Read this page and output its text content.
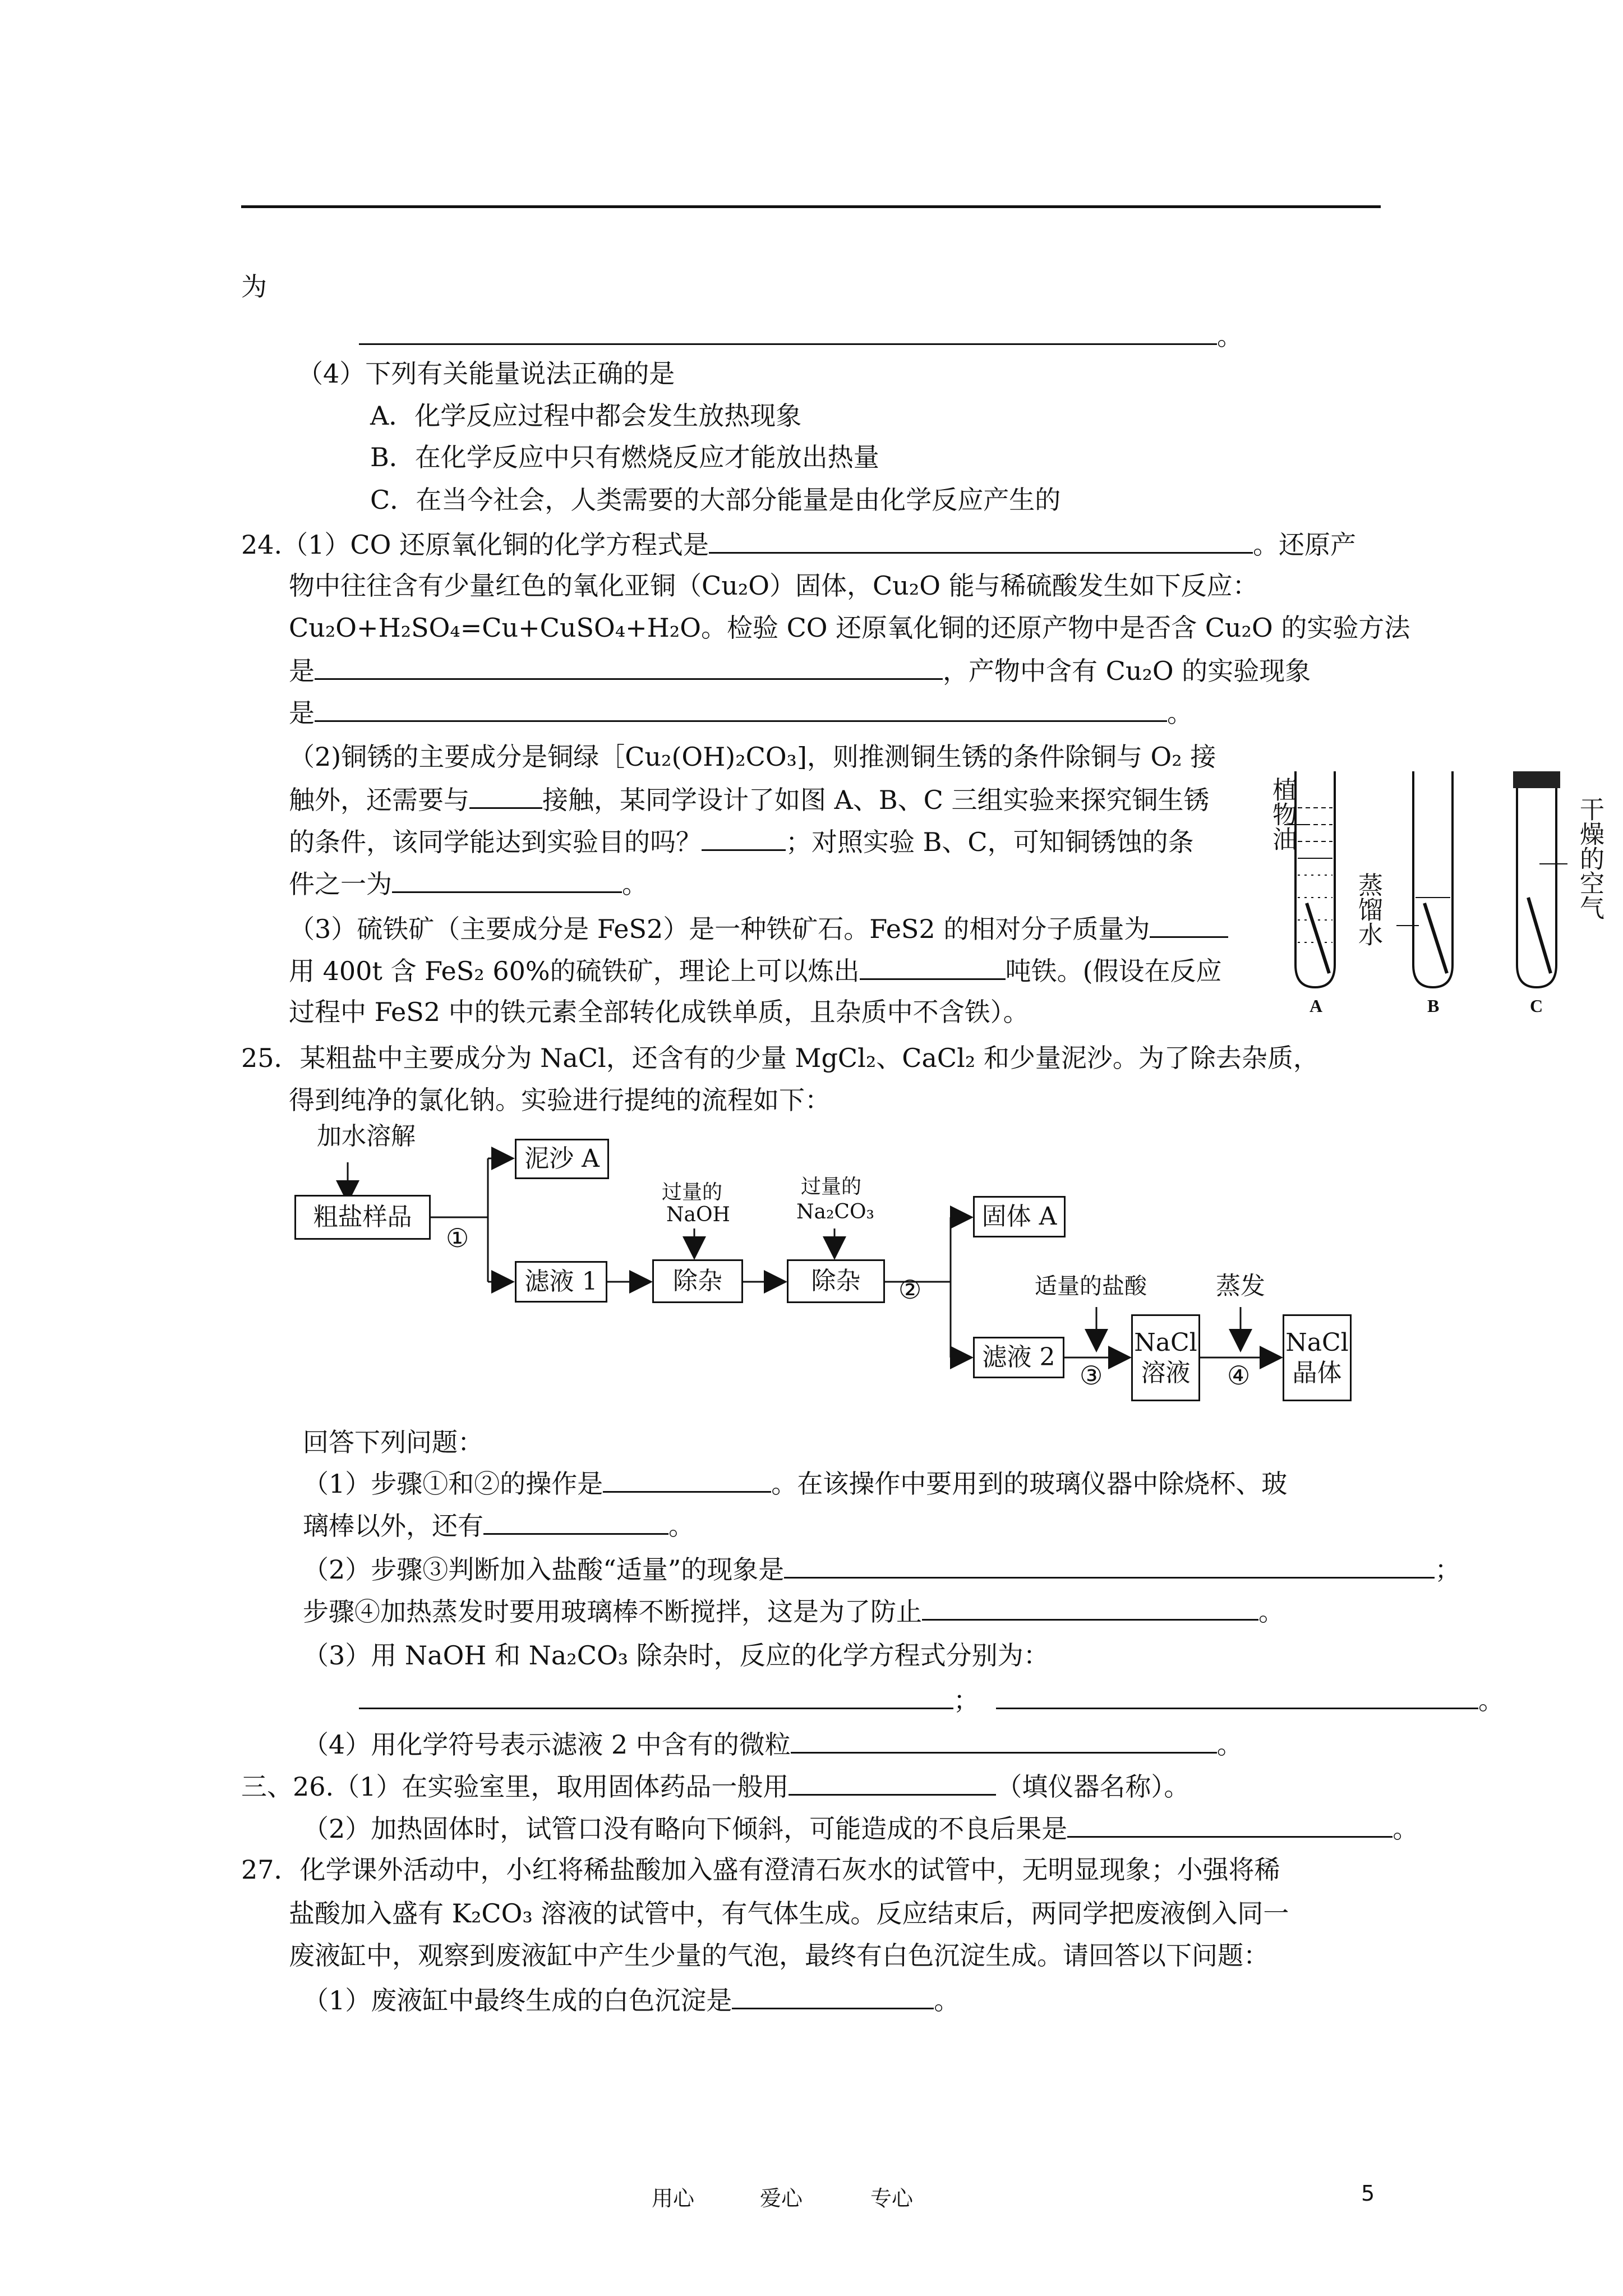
为
。
（4）下列有关能量说法正确的是
A．化学反应过程中都会发生放热现象
B．在化学反应中只有燃烧反应才能放出热量
C．在当今社会，人类需要的大部分能量是由化学反应产生的
24.（1）CO 还原氧化铜的化学方程式是	。还原产
物中往往含有少量红色的氧化亚铜（Cu₂O）固体，Cu₂O 能与稀硫酸发生如下反应：
Cu₂O+H₂SO₄=Cu+CuSO₄+H₂O。检验 CO 还原氧化铜的还原产物中是否含 Cu₂O 的实验方法
是	，产物中含有 Cu₂O 的实验现象
是	。
（2)铜锈的主要成分是铜绿［Cu₂(OH)₂CO₃]，则推测铜生锈的条件除铜与 O₂ 接
触外，还需要与	接触，某同学设计了如图 A、B、C 三组实验来探究铜生锈
的条件，该同学能达到实验目的吗？	；对照实验 B、C，可知铜锈蚀的条
件之一为	。
（3）硫铁矿（主要成分是 FeS2）是一种铁矿石。FeS2 的相对分子质量为
用 400t 含 FeS₂ 60%的硫铁矿，理论上可以炼出	吨铁。(假设在反应
过程中 FeS2 中的铁元素全部转化成铁单质，且杂质中不含铁）。
植物油
蒸馏水	干燥的空气
A	B	C
25．某粗盐中主要成分为 NaCl，还含有的少量 MgCl₂、CaCl₂ 和少量泥沙。为了除去杂质，
得到纯净的氯化钠。实验进行提纯的流程如下：
加水溶解
粗盐样品
①
泥沙 A
滤液 1
过量的
NaOH
除杂
过量的
Na₂CO₃
除杂 ②
固体 A
滤液 2
适量的盐酸
③
NaCl
溶液
蒸发
④
NaCl
晶体
回答下列问题：
（1）步骤①和②的操作是	。在该操作中要用到的玻璃仪器中除烧杯、玻
璃棒以外，还有	。
（2）步骤③判断加入盐酸“适量”的现象是	；
步骤④加热蒸发时要用玻璃棒不断搅拌，这是为了防止	。
（3）用 NaOH 和 Na₂CO₃ 除杂时，反应的化学方程式分别为：
；	。
（4）用化学符号表示滤液 2 中含有的微粒	。
三、26.（1）在实验室里，取用固体药品一般用	（填仪器名称）。
（2）加热固体时，试管口没有略向下倾斜，可能造成的不良后果是	。
27．化学课外活动中，小红将稀盐酸加入盛有澄清石灰水的试管中，无明显现象；小强将稀
盐酸加入盛有 K₂CO₃ 溶液的试管中，有气体生成。反应结束后，两同学把废液倒入同一
废液缸中，观察到废液缸中产生少量的气泡，最终有白色沉淀生成。请回答以下问题：
（1）废液缸中最终生成的白色沉淀是	。
用心	爱心	专心	5
